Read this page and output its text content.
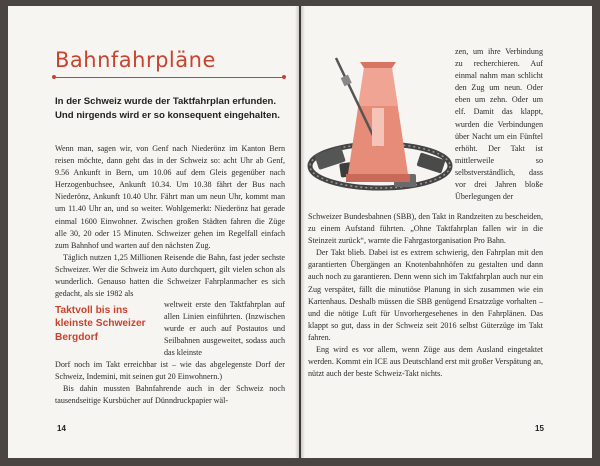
Bahnfahrpläne

In der Schweiz wurde der Taktfahrplan erfunden. Und nirgends wird er so konsequent eingehalten.

Wenn man, sagen wir, von Genf nach Niederönz im Kanton Bern reisen möchte, dann geht das in der Schweiz so: acht Uhr ab Genf, 9.56 Ankunft in Bern, um 10.06 auf dem Gleis gegenüber nach Herzogenbuchsee, Ankunft 10.34. Um 10.38 fährt der Bus nach Niederönz, Ankunft 10.40 Uhr. Fährt man um neun Uhr, kommt man um 11.40 Uhr an, und so weiter. Wohlgemerkt: Niederönz hat gerade einmal 1600 Einwohner. Zwischen großen Städten fahren die Züge alle 30, 20 oder 15 Minuten. Schweizer gehen im Regelfall einfach zum Bahnhof und warten auf den nächsten Zug.
Täglich nutzen 1,25 Millionen Reisende die Bahn, fast jeder sechste Schweizer. Wer die Schweiz im Auto durchquert, gilt vielen schon als wunderlich. Genauso hatten die Schweizer Fahrplanmacher es sich gedacht, als sie 1982 als

Taktvoll bis ins kleinste Schweizer Bergdorf

weltweit erste den Taktfahrplan auf allen Linien einführten. (Inzwischen wurde er auch auf Postautos und Seilbahnen ausgeweitet, sodass auch das kleinste

Dorf noch im Takt erreichbar ist – wie das abgelegenste Dorf der Schweiz, Indemini, mit seinen gut 20 Einwohnern.)
Bis dahin mussten Bahnfahrende auch in der Schweiz noch tausendseitige Kursbücher auf Dünndruckpapier wäl-

14

zen, um ihre Verbindung zu recherchieren. Auf einmal nahm man schlicht den Zug um neun. Oder eben um zehn. Oder um elf. Damit das klappt, wurden die Verbindungen über Nacht um ein Fünftel erhöht. Der Takt ist mittlerweile so selbstverständlich, dass vor drei Jahren bloße Überlegungen der

Schweizer Bundesbahnen (SBB), den Takt in Randzeiten zu bescheiden, zu einem Aufstand führten. „Ohne Taktfahrplan fallen wir in die Steinzeit zurück“, warnte die Fahrgastorganisation Pro Bahn.
Der Takt blieb. Dabei ist es extrem schwierig, den Fahrplan mit den garantierten Übergängen an Knotenbahnhöfen zu gestalten und dann auch noch zu garantieren. Denn wenn sich im Taktfahrplan auch nur ein Zug verspätet, fällt die minutiöse Planung in sich zusammen wie ein Kartenhaus. Deshalb müssen die SBB genügend Ersatzzüge vorhalten – und die nötige Luft für Unvorhergesehenes in den Fahrplänen. Das klappt so gut, dass in der Schweiz seit 2016 selbst Güterzüge im Takt fahren.
Eng wird es vor allem, wenn Züge aus dem Ausland eingetaktet werden. Kommt ein ICE aus Deutschland erst mit großer Verspätung an, nützt auch der beste Schweiz-Takt nichts.

15
